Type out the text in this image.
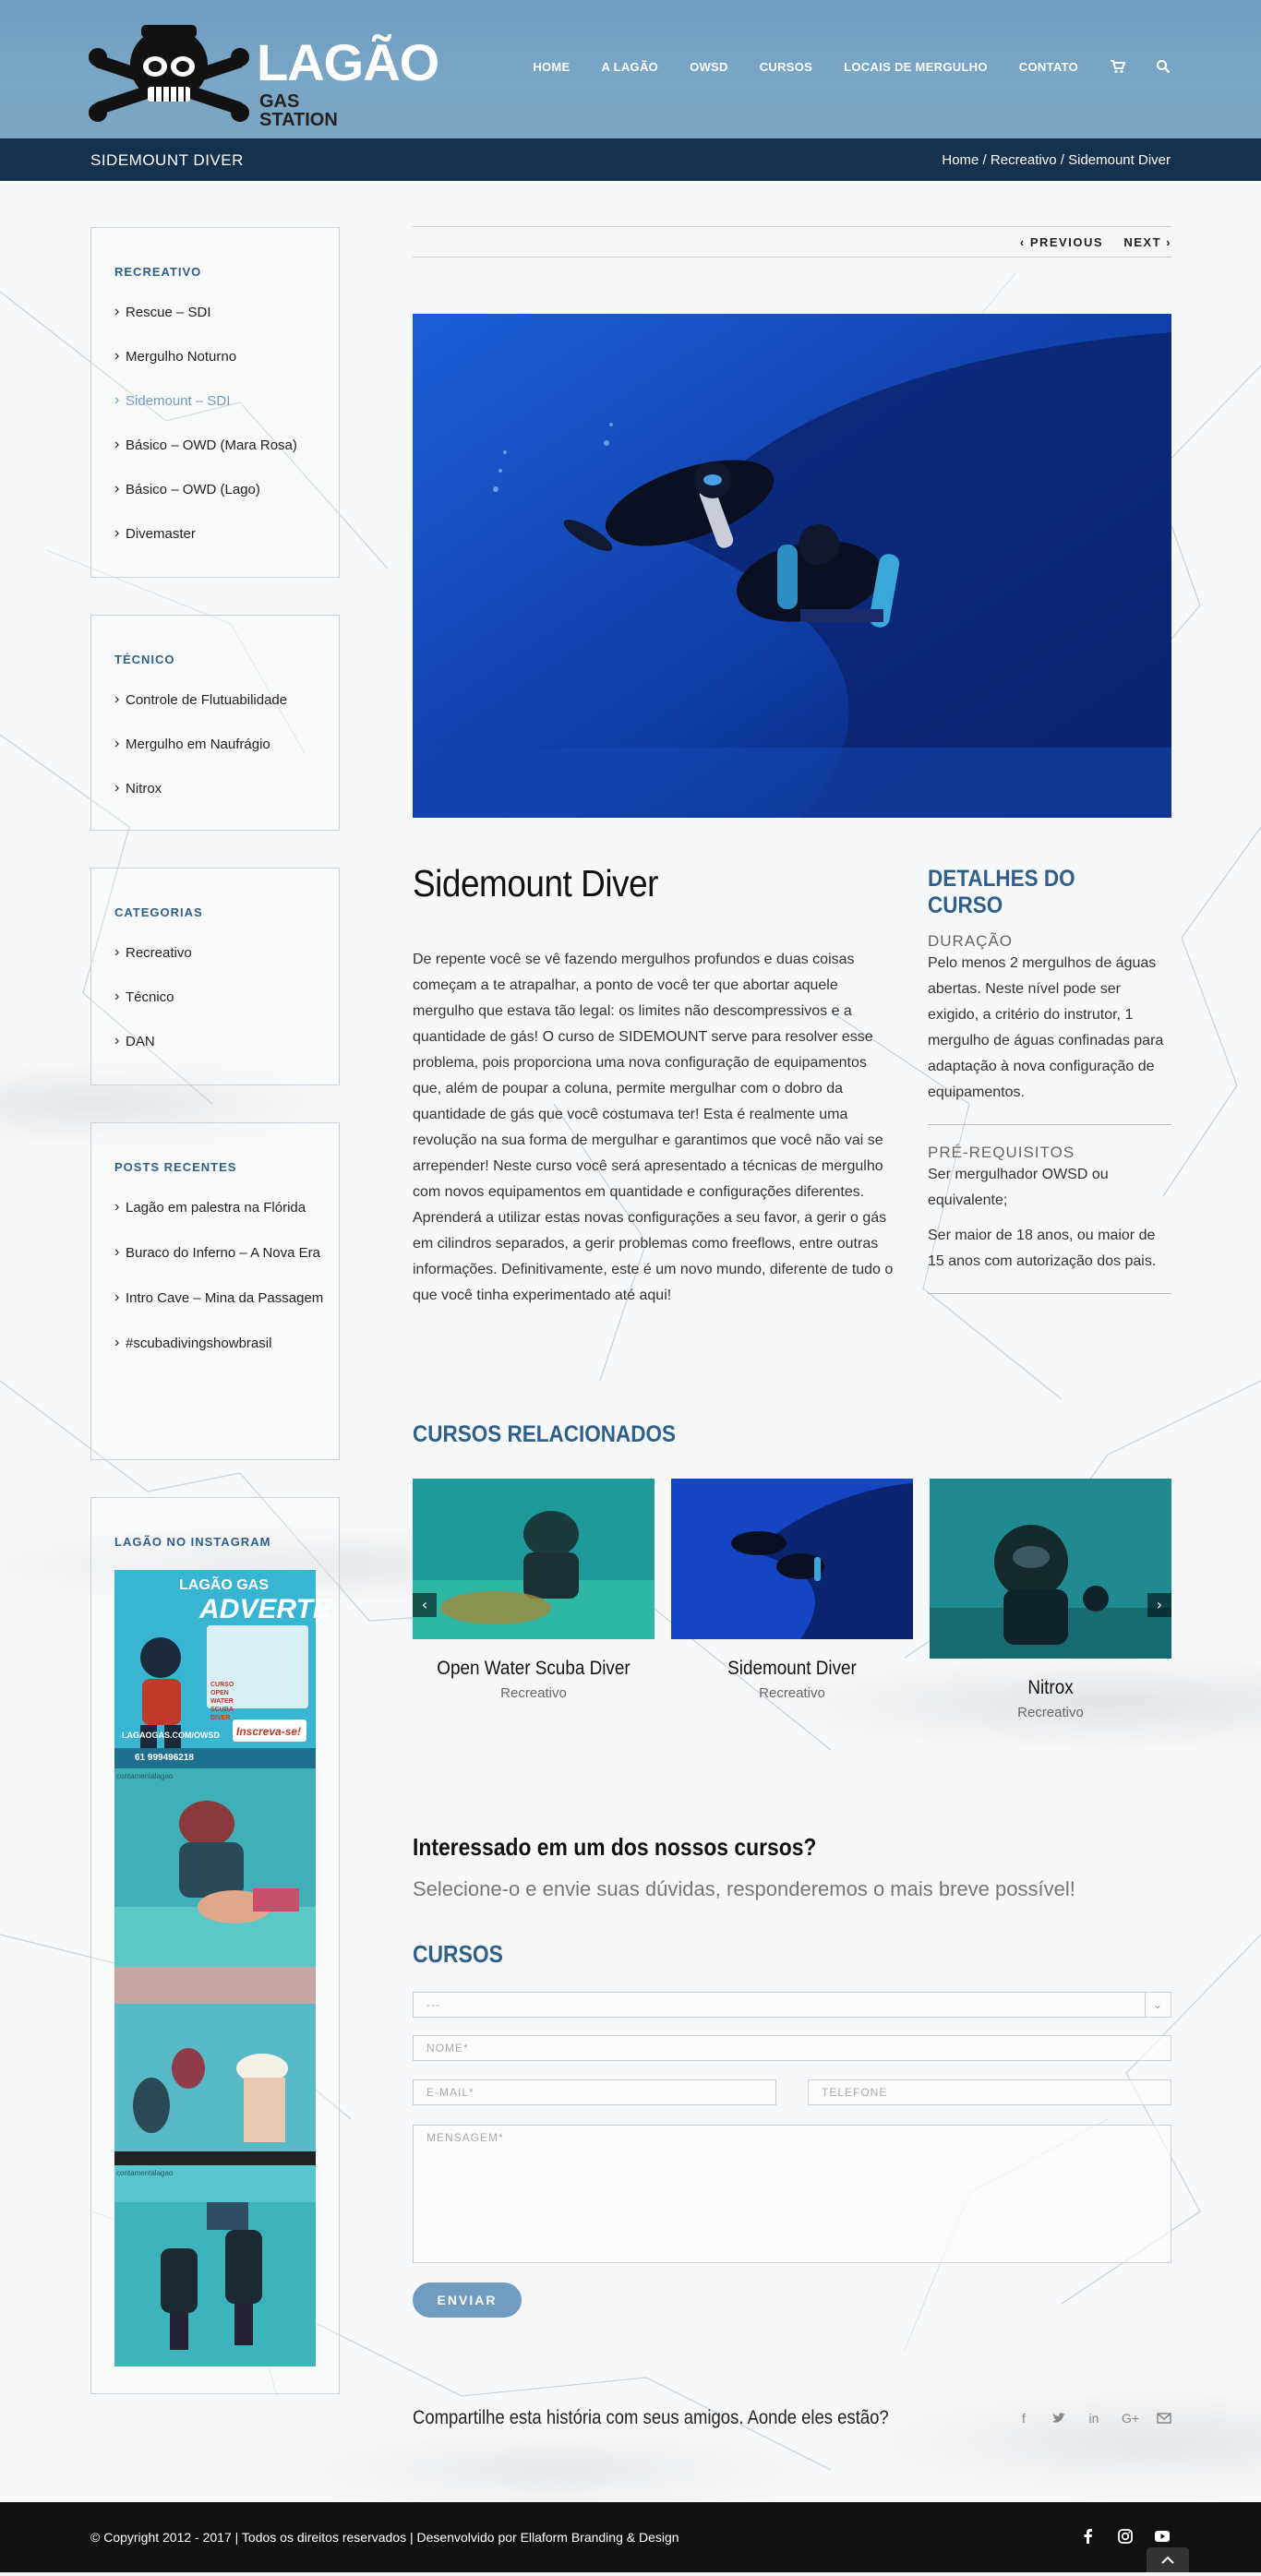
LAGÃO
GAS STATION
HOME	A LAGÃO	OWSD	CURSOS	LOCAIS DE MERGULHO	CONTATO
SIDEMOUNT DIVER	Home / Recreativo / Sidemount Diver
RECREATIVO
› Rescue – SDI
› Mergulho Noturno
› Sidemount – SDI
› Básico – OWD (Mara Rosa)
› Básico – OWD (Lago)
› Divemaster
TÉCNICO
› Controle de Flutuabilidade
› Mergulho em Naufrágio
› Nitrox
CATEGORIAS
› Recreativo
› Técnico
› DAN
POSTS RECENTES
› Lagão em palestra na Flórida
› Buraco do Inferno – A Nova Era
› Intro Cave – Mina da Passagem
› #scubadivingshowbrasil
LAGÃO NO INSTAGRAM
LAGÃO GAS
ADVERTE
CURSO OPEN WATER SCUBA DIVER
Inscreva-se!
LAGAOGAS.COM/OWSD
61 999496218
contamentalagao
contamentalagao
‹ PREVIOUS NEXT ›
Sidemount Diver

De repente você se vê fazendo mergulhos profundos e duas coisas começam a te atrapalhar, a ponto de você ter que abortar aquele mergulho que estava tão legal: os limites não descompressivos e a quantidade de gás! O curso de SIDEMOUNT serve para resolver esse problema, pois proporciona uma nova configuração de equipamentos que, além de poupar a coluna, permite mergulhar com o dobro da quantidade de gás que você costumava ter! Esta é realmente uma revolução na sua forma de mergulhar e garantimos que você não vai se arrepender! Neste curso você será apresentado a técnicas de mergulho com novos equipamentos em quantidade e configurações diferentes. Aprenderá a utilizar estas novas configurações a seu favor, a gerir o gás em cilindros separados, a gerir problemas como freeflows, entre outras informações. Definitivamente, este é um novo mundo, diferente de tudo o que você tinha experimentado até aqui!

DETALHES DO CURSO
DURAÇÃO
Pelo menos 2 mergulhos de águas abertas. Neste nível pode ser exigido, a critério do instrutor, 1 mergulho de águas confinadas para adaptação à nova configuração de equipamentos.
PRÉ-REQUISITOS
Ser mergulhador OWSD ou equivalente;
Ser maior de 18 anos, ou maior de 15 anos com autorização dos pais.
CURSOS RELACIONADOS
Open Water Scuba Diver
Recreativo
Sidemount Diver
Recreativo	Nitrox
Recreativo
‹	›
Interessado em um dos nossos cursos?

Selecione-o e envie suas dúvidas, responderemos o mais breve possível!

CURSOS
---	⌄
NOME*
E-MAIL*	TELEFONE
MENSAGEM*
ENVIAR
Compartilhe esta história com seus amigos. Aonde eles estão?	f	in G+
© Copyright 2012 - 2017 | Todos os direitos reservados | Desenvolvido por Ellaform Branding & Design
